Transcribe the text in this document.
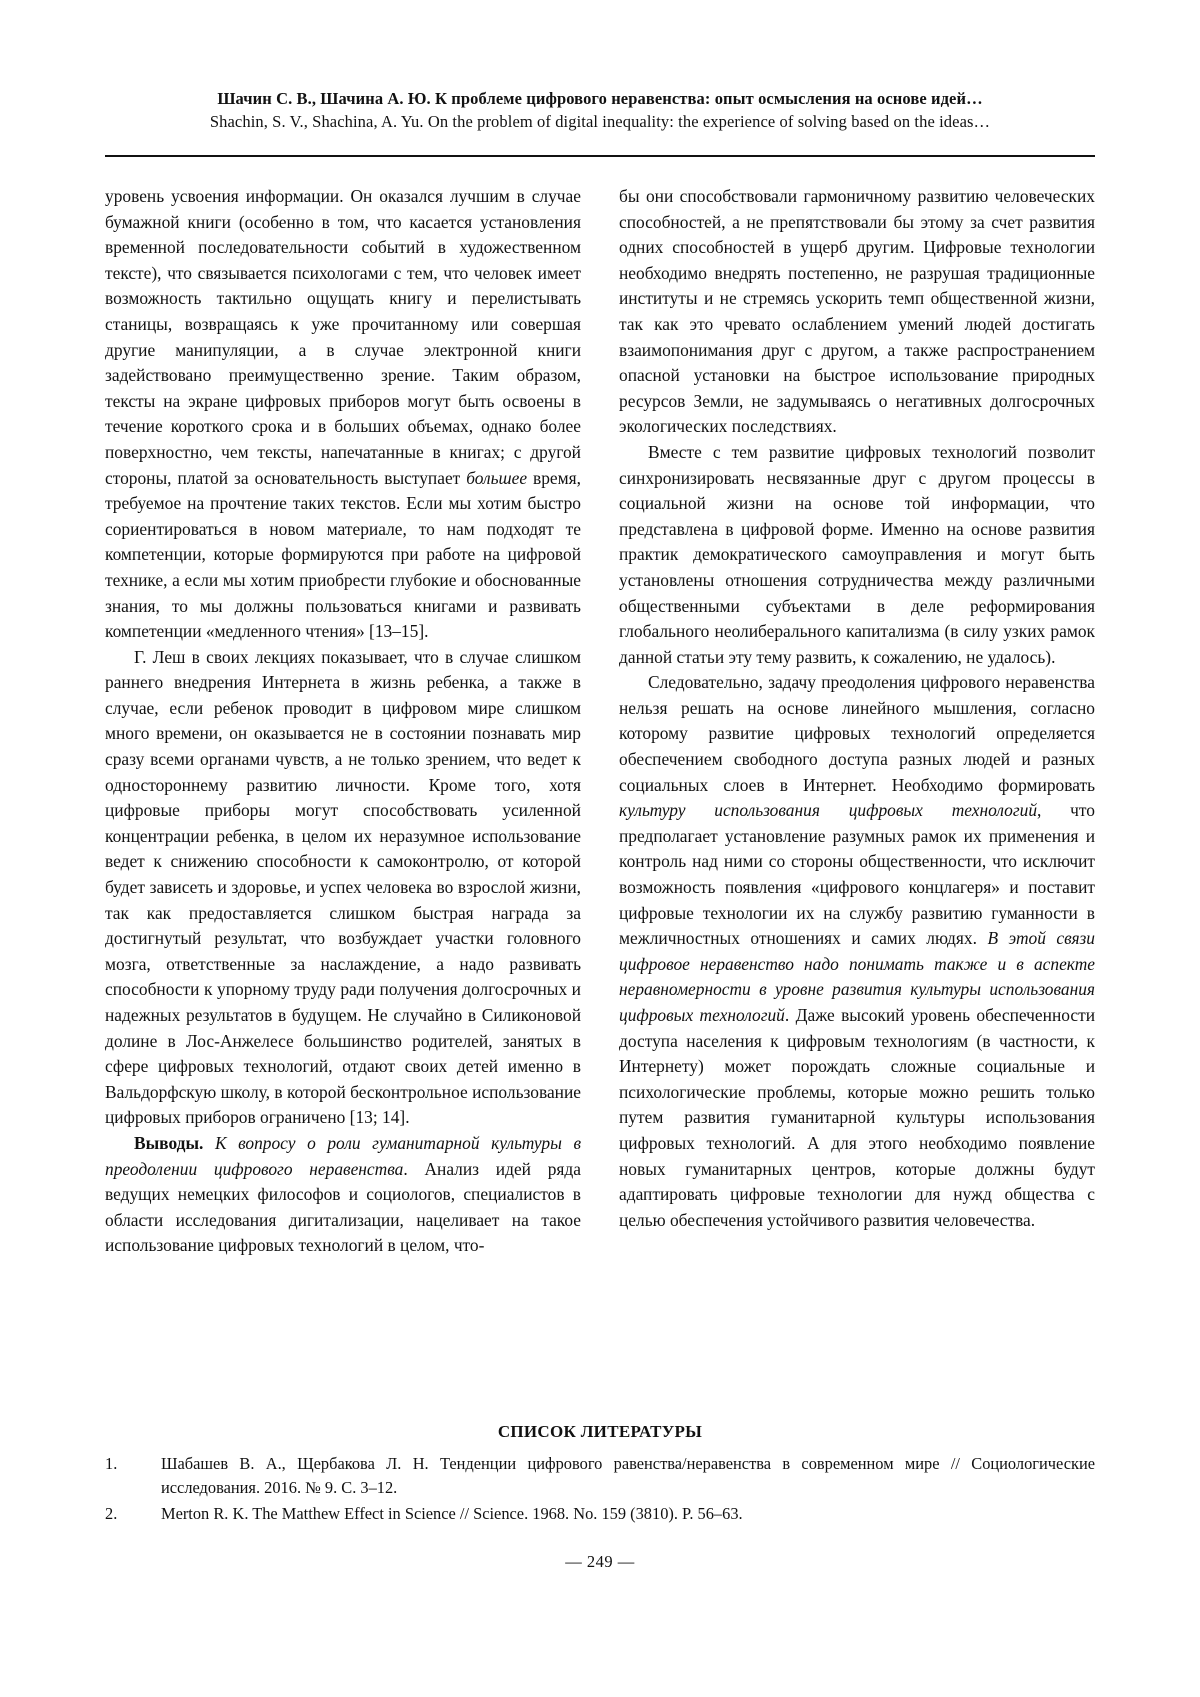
Шачин С. В., Шачина А. Ю. К проблеме цифрового неравенства: опыт осмысления на основе идей…
Shachin, S. V., Shachina, A. Yu. On the problem of digital inequality: the experience of solving based on the ideas…

уровень усвоения информации. Он оказался лучшим в случае бумажной книги (особенно в том, что касается установления временной последовательности событий в художественном тексте), что связывается психологами с тем, что человек имеет возможность тактильно ощущать книгу и перелистывать станицы, возвращаясь к уже прочитанному или совершая другие манипуляции, а в случае электронной книги задействовано преимущественно зрение. Таким образом, тексты на экране цифровых приборов могут быть освоены в течение короткого срока и в больших объемах, однако более поверхностно, чем тексты, напечатанные в книгах; с другой стороны, платой за основательность выступает большее время, требуемое на прочтение таких текстов. Если мы хотим быстро сориентироваться в новом материале, то нам подходят те компетенции, которые формируются при работе на цифровой технике, а если мы хотим приобрести глубокие и обоснованные знания, то мы должны пользоваться книгами и развивать компетенции «медленного чтения» [13–15].

Г. Леш в своих лекциях показывает, что в случае слишком раннего внедрения Интернета в жизнь ребенка, а также в случае, если ребенок проводит в цифровом мире слишком много времени, он оказывается не в состоянии познавать мир сразу всеми органами чувств, а не только зрением, что ведет к одностороннему развитию личности. Кроме того, хотя цифровые приборы могут способствовать усиленной концентрации ребенка, в целом их неразумное использование ведет к снижению способности к самоконтролю, от которой будет зависеть и здоровье, и успех человека во взрослой жизни, так как предоставляется слишком быстрая награда за достигнутый результат, что возбуждает участки головного мозга, ответственные за наслаждение, а надо развивать способности к упорному труду ради получения долгосрочных и надежных результатов в будущем. Не случайно в Силиконовой долине в Лос-Анжелесе большинство родителей, занятых в сфере цифровых технологий, отдают своих детей именно в Вальдорфскую школу, в которой бесконтрольное использование цифровых приборов ограничено [13; 14].

Выводы. К вопросу о роли гуманитарной культуры в преодолении цифрового неравенства. Анализ идей ряда ведущих немецких философов и социологов, специалистов в области исследования дигитализации, нацеливает на такое использование цифровых технологий в целом, что-

бы они способствовали гармоничному развитию человеческих способностей, а не препятствовали бы этому за счет развития одних способностей в ущерб другим. Цифровые технологии необходимо внедрять постепенно, не разрушая традиционные институты и не стремясь ускорить темп общественной жизни, так как это чревато ослаблением умений людей достигать взаимопонимания друг с другом, а также распространением опасной установки на быстрое использование природных ресурсов Земли, не задумываясь о негативных долгосрочных экологических последствиях.

Вместе с тем развитие цифровых технологий позволит синхронизировать несвязанные друг с другом процессы в социальной жизни на основе той информации, что представлена в цифровой форме. Именно на основе развития практик демократического самоуправления и могут быть установлены отношения сотрудничества между различными общественными субъектами в деле реформирования глобального неолиберального капитализма (в силу узких рамок данной статьи эту тему развить, к сожалению, не удалось).

Следовательно, задачу преодоления цифрового неравенства нельзя решать на основе линейного мышления, согласно которому развитие цифровых технологий определяется обеспечением свободного доступа разных людей и разных социальных слоев в Интернет. Необходимо формировать культуру использования цифровых технологий, что предполагает установление разумных рамок их применения и контроль над ними со стороны общественности, что исключит возможность появления «цифрового концлагеря» и поставит цифровые технологии их на службу развитию гуманности в межличностных отношениях и самих людях. В этой связи цифровое неравенство надо понимать также и в аспекте неравномерности в уровне развития культуры использования цифровых технологий. Даже высокий уровень обеспеченности доступа населения к цифровым технологиям (в частности, к Интернету) может порождать сложные социальные и психологические проблемы, которые можно решить только путем развития гуманитарной культуры использования цифровых технологий. А для этого необходимо появление новых гуманитарных центров, которые должны будут адаптировать цифровые технологии для нужд общества с целью обеспечения устойчивого развития человечества.

СПИСОК ЛИТЕРАТУРЫ
1.	Шабашев В. А., Щербакова Л. Н. Тенденции цифрового равенства/неравенства в современном мире // Социологические исследования. 2016. № 9. С. 3–12.
2.	Merton R. K. The Matthew Effect in Science // Science. 1968. No. 159 (3810). P. 56–63.
— 249 —
